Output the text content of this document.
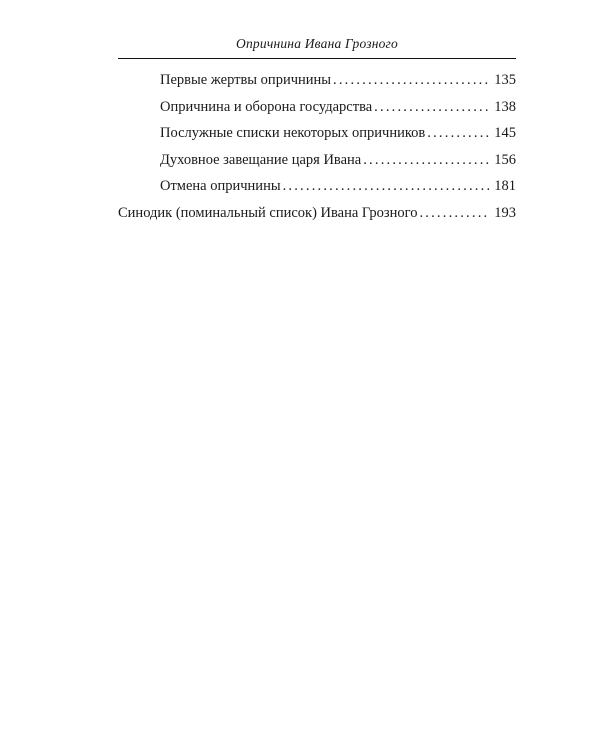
Опричнина Ивана Грозного
Первые жертвы опричнины .....	135
Опричнина и оборона государства .....	138
Послужные списки некоторых опричников .....	145
Духовное завещание царя Ивана .....	156
Отмена опричнины .....	181
Синодик (поминальный список) Ивана Грозного .....	193
